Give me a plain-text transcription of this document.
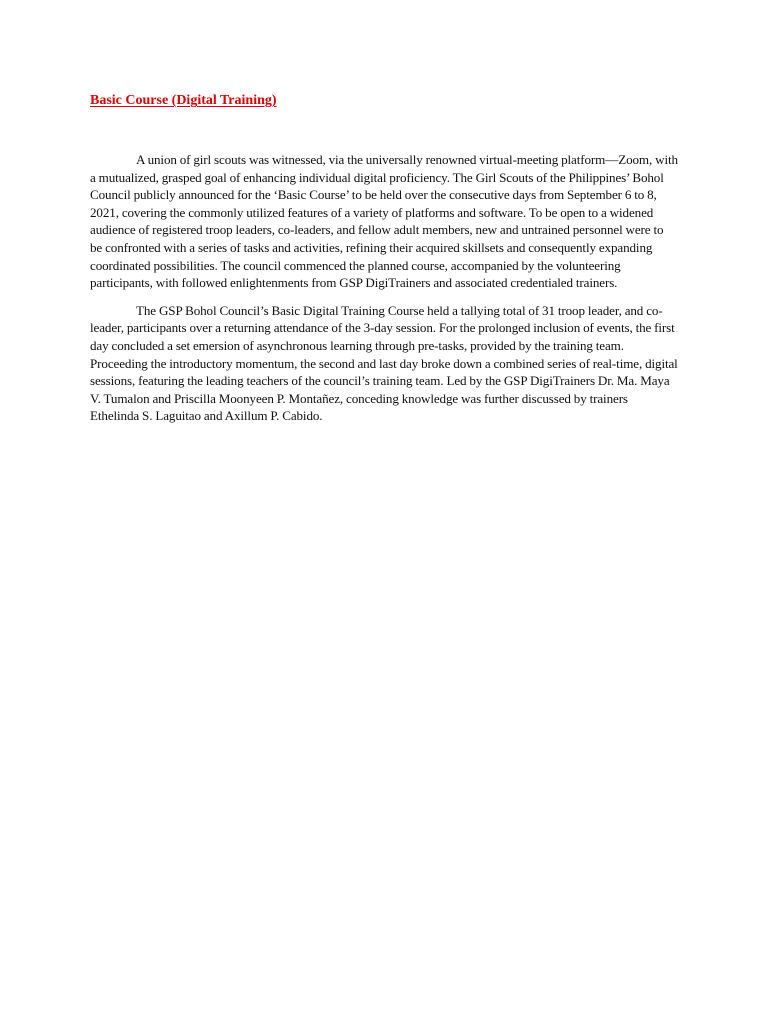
Basic Course (Digital Training)

A union of girl scouts was witnessed, via the universally renowned virtual-meeting platform—Zoom, with a mutualized, grasped goal of enhancing individual digital proficiency. The Girl Scouts of the Philippines’ Bohol Council publicly announced for the ‘Basic Course’ to be held over the consecutive days from September 6 to 8, 2021, covering the commonly utilized features of a variety of platforms and software. To be open to a widened audience of registered troop leaders, co-leaders, and fellow adult members, new and untrained personnel were to be confronted with a series of tasks and activities, refining their acquired skillsets and consequently expanding coordinated possibilities. The council commenced the planned course, accompanied by the volunteering participants, with followed enlightenments from GSP DigiTrainers and associated credentialed trainers.

The GSP Bohol Council’s Basic Digital Training Course held a tallying total of 31 troop leader, and co-leader, participants over a returning attendance of the 3-day session. For the prolonged inclusion of events, the first day concluded a set emersion of asynchronous learning through pre-tasks, provided by the training team. Proceeding the introductory momentum, the second and last day broke down a combined series of real-time, digital sessions, featuring the leading teachers of the council’s training team. Led by the GSP DigiTrainers Dr. Ma. Maya V. Tumalon and Priscilla Moonyeen P. Montañez, conceding knowledge was further discussed by trainers Ethelinda S. Laguitao and Axillum P. Cabido.
